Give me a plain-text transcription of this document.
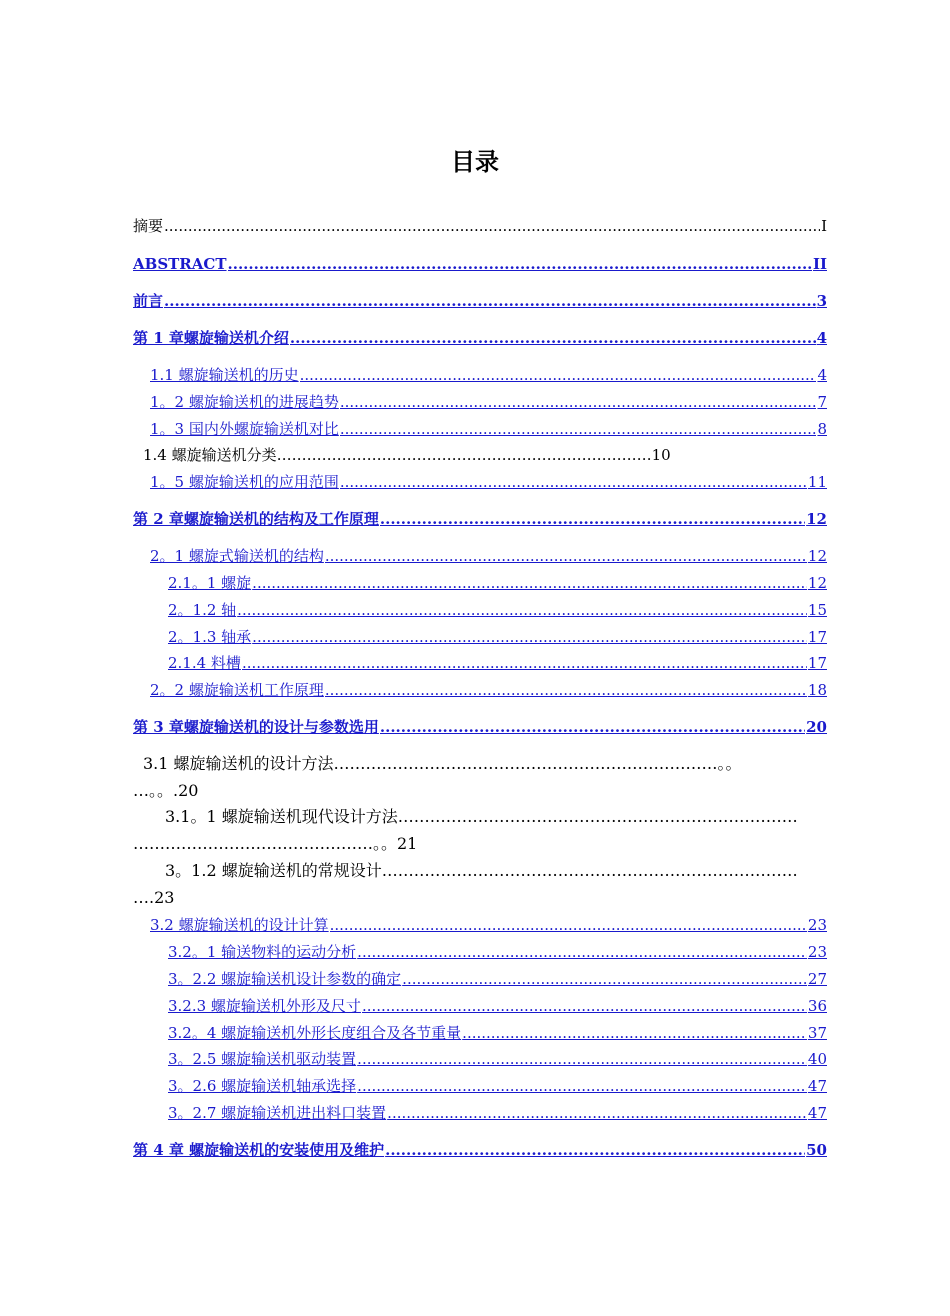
目录
摘要 .....	I
ABSTRACT .....	II
前言 .....	3
第 1 章螺旋输送机介绍 .....	4
1.1 螺旋输送机的历史 .....	4
1。2 螺旋输送机的进展趋势 .....	7
1。3 国内外螺旋输送机对比 .....	8
1.4 螺旋输送机分类…………………………………………………………………10
1。5 螺旋输送机的应用范围 .....	11
第 2 章螺旋输送机的结构及工作原理 .....	12
2。1 螺旋式输送机的结构 .....	12
2.1。1 螺旋 .....	12
2。1.2 轴 .....	15
2。1.3 轴承 .....	17
2.1.4 料槽 .....	17
2。2 螺旋输送机工作原理 .....	18
第 3 章螺旋输送机的设计与参数选用 .....	20
3.1 螺旋输送机的设计方法………………………………………………………………。。
…。。.20
3.1。1 螺旋输送机现代设计方法…………………………………………………………………
………………………………………。。21
3。1.2 螺旋输送机的常规设计……………………………………………………………………
….23
3.2 螺旋输送机的设计计算 .....	23
3.2。1 输送物料的运动分析 .....	23
3。2.2 螺旋输送机设计参数的确定 .....	27
3.2.3 螺旋输送机外形及尺寸 .....	36
3.2。4 螺旋输送机外形长度组合及各节重量 .....	37
3。2.5 螺旋输送机驱动装置 .....	40
3。2.6 螺旋输送机轴承选择 .....	47
3。2.7 螺旋输送机进出料口装置 .....	47
第 4 章 螺旋输送机的安装使用及维护 .....	50
